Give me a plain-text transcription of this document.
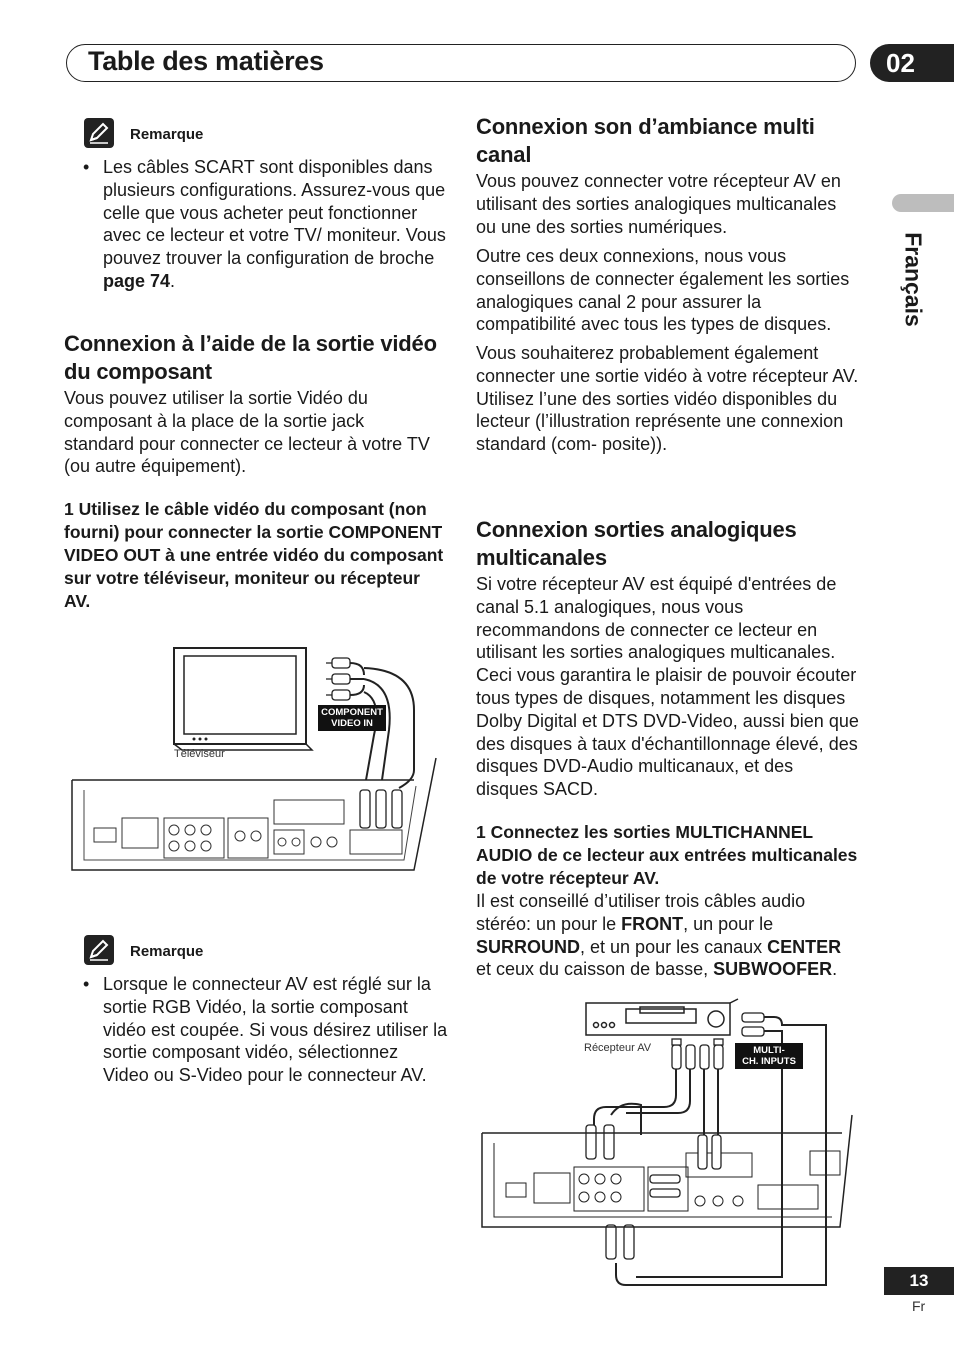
Table des matières	02
Français
Remarque
• Les câbles SCART sont disponibles dans plusieurs configurations. Assurez-vous que celle que vous acheter peut fonctionner avec ce lecteur et votre TV/ moniteur. Vous pouvez trouver la configuration de broche page 74.
Connexion à l’aide de la sortie vidéo du composant
Vous pouvez utiliser la sortie Vidéo du composant à la place de la sortie jack standard pour connecter ce lecteur à votre TV (ou autre équipement).
1 Utilisez le câble vidéo du composant (non fourni) pour connecter la sortie COMPONENT VIDEO OUT à une entrée vidéo du composant sur votre téléviseur, moniteur ou récepteur AV.
Téléviseur
COMPONENT
VIDEO IN
Remarque
• Lorsque le connecteur AV est réglé sur la sortie RGB Vidéo, la sortie composant vidéo est coupée. Si vous désirez utiliser la sortie composant vidéo, sélectionnez Video ou S-Video pour le connecteur AV.
Connexion son d’ambiance multi canal
Vous pouvez connecter votre récepteur AV en utilisant des sorties analogiques multicanales ou une des sorties numériques.
Outre ces deux connexions, nous vous conseillons de connecter également les sorties analogiques canal 2 pour assurer la compatibilité avec tous les types de disques.
Vous souhaiterez probablement également connecter une sortie vidéo à votre récepteur AV. Utilisez l’une des sorties vidéo disponibles du lecteur (l’illustration représente une connexion standard (com- posite)).
Connexion sorties analogiques multicanales
Si votre récepteur AV est équipé d'entrées de canal 5.1 analogiques, nous vous recommandons de connecter ce lecteur en utilisant les sorties analogiques multicanales. Ceci vous garantira le plaisir de pouvoir écouter tous types de disques, notamment les disques Dolby Digital et DTS DVD-Video, aussi bien que des disques à taux d'échantillonnage élevé, des disques DVD-Audio multicanaux, et des disques SACD.
1 Connectez les sorties MULTICHANNEL AUDIO de ce lecteur aux entrées multicanales de votre récepteur AV.
Il est conseillé d’utiliser trois câbles audio stéréo: un pour le FRONT, un pour le SURROUND, et un pour les canaux CENTER et ceux du caisson de basse, SUBWOOFER.
Récepteur AV	MULTI-
CH. INPUTS
13
Fr
